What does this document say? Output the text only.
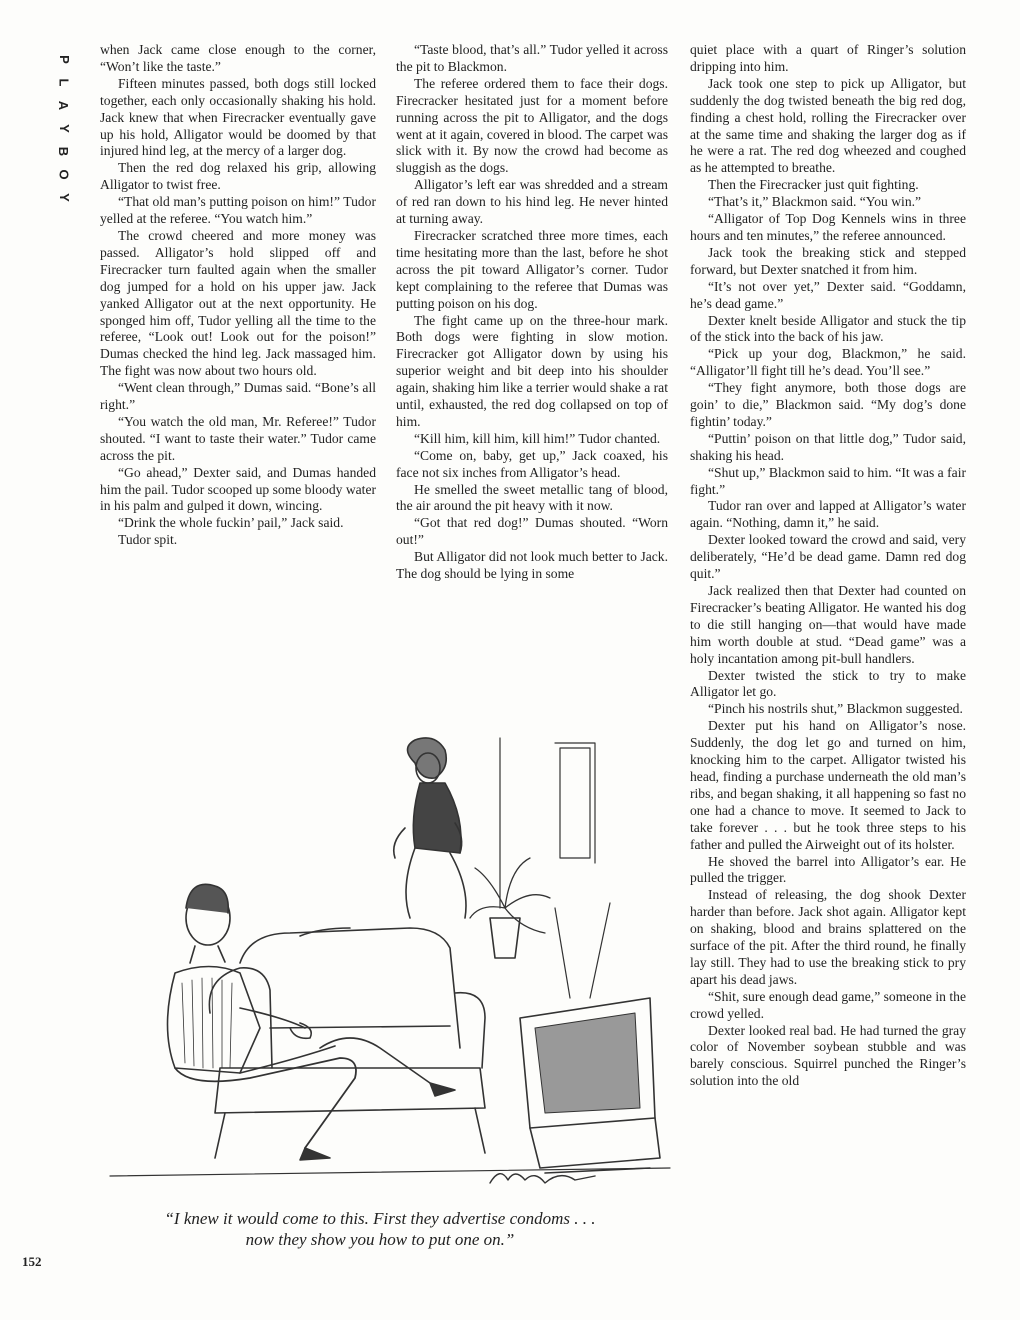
P
L
A
Y
B
O
Y

when Jack came close enough to the corner, “Won’t like the taste.”

Fifteen minutes passed, both dogs still locked together, each only occasionally shaking his hold. Jack knew that when Firecracker eventually gave up his hold, Alligator would be doomed by that injured hind leg, at the mercy of a larger dog.

Then the red dog relaxed his grip, allowing Alligator to twist free.

“That old man’s putting poison on him!” Tudor yelled at the referee. “You watch him.”

The crowd cheered and more money was passed. Alligator’s hold slipped off and Firecracker turn faulted again when the smaller dog jumped for a hold on his upper jaw. Jack yanked Alligator out at the next opportunity. He sponged him off, Tudor yelling all the time to the referee, “Look out! Look out for the poison!” Dumas checked the hind leg. Jack massaged him. The fight was now about two hours old.

“Went clean through,” Dumas said. “Bone’s all right.”

“You watch the old man, Mr. Referee!” Tudor shouted. “I want to taste their water.” Tudor came across the pit.

“Go ahead,” Dexter said, and Dumas handed him the pail. Tudor scooped up some bloody water in his palm and gulped it down, wincing.

“Drink the whole fuckin’ pail,” Jack said.

Tudor spit.

“Taste blood, that’s all.” Tudor yelled it across the pit to Blackmon.

The referee ordered them to face their dogs. Firecracker hesitated just for a moment before running across the pit to Alligator, and the dogs went at it again, covered in blood. The carpet was slick with it. By now the crowd had become as sluggish as the dogs.

Alligator’s left ear was shredded and a stream of red ran down to his hind leg. He never hinted at turning away.

Firecracker scratched three more times, each time hesitating more than the last, before he shot across the pit toward Alligator’s corner. Tudor kept complaining to the referee that Dumas was putting poison on his dog.

The fight came up on the three-hour mark. Both dogs were fighting in slow motion. Firecracker got Alligator down by using his superior weight and bit deep into his shoulder again, shaking him like a terrier would shake a rat until, exhausted, the red dog collapsed on top of him.

“Kill him, kill him, kill him!” Tudor chanted.

“Come on, baby, get up,” Jack coaxed, his face not six inches from Alligator’s head.

He smelled the sweet metallic tang of blood, the air around the pit heavy with it now.

“Got that red dog!” Dumas shouted. “Worn out!”

But Alligator did not look much better to Jack. The dog should be lying in some

quiet place with a quart of Ringer’s solution dripping into him.

Jack took one step to pick up Alligator, but suddenly the dog twisted beneath the big red dog, finding a chest hold, rolling the Firecracker over at the same time and shaking the larger dog as if he were a rat. The red dog wheezed and coughed as he attempted to breathe.

Then the Firecracker just quit fighting.

“That’s it,” Blackmon said. “You win.”

“Alligator of Top Dog Kennels wins in three hours and ten minutes,” the referee announced.

Jack took the breaking stick and stepped forward, but Dexter snatched it from him.

“It’s not over yet,” Dexter said. “Goddamn, he’s dead game.”

Dexter knelt beside Alligator and stuck the tip of the stick into the back of his jaw.

“Pick up your dog, Blackmon,” he said. “Alligator’ll fight till he’s dead. You’ll see.”

“They fight anymore, both those dogs are goin’ to die,” Blackmon said. “My dog’s done fightin’ today.”

“Puttin’ poison on that little dog,” Tudor said, shaking his head.

“Shut up,” Blackmon said to him. “It was a fair fight.”

Tudor ran over and lapped at Alligator’s water again. “Nothing, damn it,” he said.

Dexter looked toward the crowd and said, very deliberately, “He’d be dead game. Damn red dog quit.”

Jack realized then that Dexter had counted on Firecracker’s beating Alligator. He wanted his dog to die still hanging on—that would have made him worth double at stud. “Dead game” was a holy incantation among pit-bull handlers.

Dexter twisted the stick to try to make Alligator let go.

“Pinch his nostrils shut,” Blackmon suggested.

Dexter put his hand on Alligator’s nose. Suddenly, the dog let go and turned on him, knocking him to the carpet. Alligator twisted his head, finding a purchase underneath the old man’s ribs, and began shaking, it all happening so fast no one had a chance to move. It seemed to Jack to take forever . . . but he took three steps to his father and pulled the Airweight out of its holster.

He shoved the barrel into Alligator’s ear. He pulled the trigger.

Instead of releasing, the dog shook Dexter harder than before. Jack shot again. Alligator kept on shaking, blood and brains splattered on the surface of the pit. After the third round, he finally lay still. They had to use the breaking stick to pry apart his dead jaws.

“Shit, sure enough dead game,” someone in the crowd yelled.

Dexter looked real bad. He had turned the gray color of November soybean stubble and was barely conscious. Squirrel punched the Ringer’s solution into the old

“I knew it would come to this. First they advertise condoms . . . now they show you how to put one on.”
152
